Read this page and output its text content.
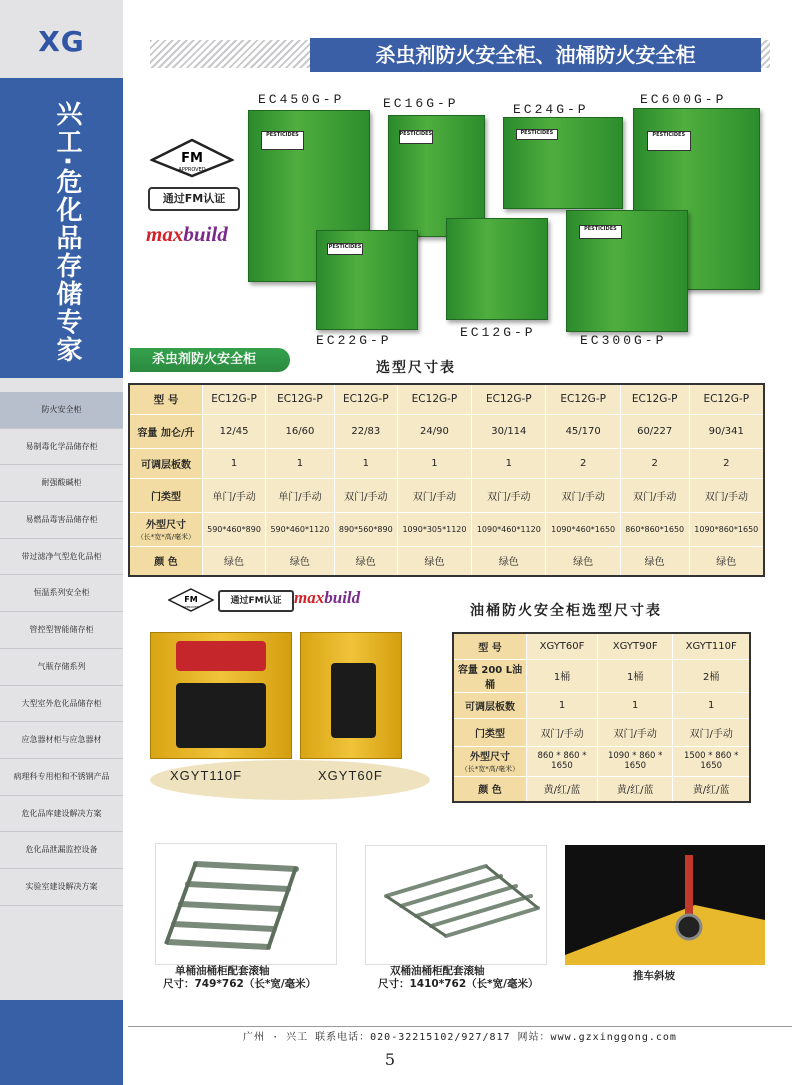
XG
兴工·危化品存储专家
防火安全柜
易制毒化学品储存柜
耐强酸碱柜
易燃品毒害品储存柜
带过滤净气型危化品柜
恒温系列安全柜
管控型智能储存柜
气瓶存储系列
大型室外危化品储存柜
应急器材柜与应急器材
病理科专用柜和不锈钢产品
危化品库建设解决方案
危化品泄漏监控设备
实验室建设解决方案
杀虫剂防火安全柜、油桶防火安全柜
EC450G-P	EC16G-P	EC24G-P
EC600G-P
EC22G-P
EC12G-P
EC300G-P
PESTICIDES	PESTICIDES	PESTICIDES	PESTICIDES
PESTICIDES
PESTICIDES
FM
APPROVED
通过FM认证
maxbuild
杀虫剂防火安全柜
选型尺寸表
型 号	EC12G-P	EC12G-P	EC12G-P	EC12G-P	EC12G-P	EC12G-P	EC12G-P	EC12G-P
容量 加仑/升	12/45	16/60	22/83	24/90	30/114	45/170	60/227	90/341
可调层板数	1	1	1	1	1	2	2	2
门类型	单门/手动	单门/手动	双门/手动	双门/手动	双门/手动	双门/手动	双门/手动	双门/手动
外型尺寸
（长*宽*高/毫米）	590*460*890	590*460*1120	890*560*890	1090*305*1120	1090*460*1120	1090*460*1650	860*860*1650	1090*860*1650
颜 色	绿色	绿色	绿色	绿色	绿色	绿色	绿色	绿色
FM
APPROVED
通过FM认证 maxbuild
XGYT110F	XGYT60F
油桶防火安全柜选型尺寸表
型 号	XGYT60F	XGYT90F	XGYT110F
容量 200 L油桶	1桶	1桶	2桶
可调层板数	1	1	1
门类型	双门/手动	双门/手动	双门/手动
外型尺寸
（长*宽*高/毫米）	860 * 860 * 1650	1090 * 860 * 1650	1500 * 860 * 1650
颜 色	黄/红/蓝	黄/红/蓝	黄/红/蓝
单桶油桶柜配套滚轴
尺寸：749*762（长*宽/毫米）
双桶油桶柜配套滚轴
尺寸：1410*762（长*宽/毫米）
推车斜坡
广州 · 兴工 联系电话：020-32215102/927/817 网站：www.gzxinggong.com
5
